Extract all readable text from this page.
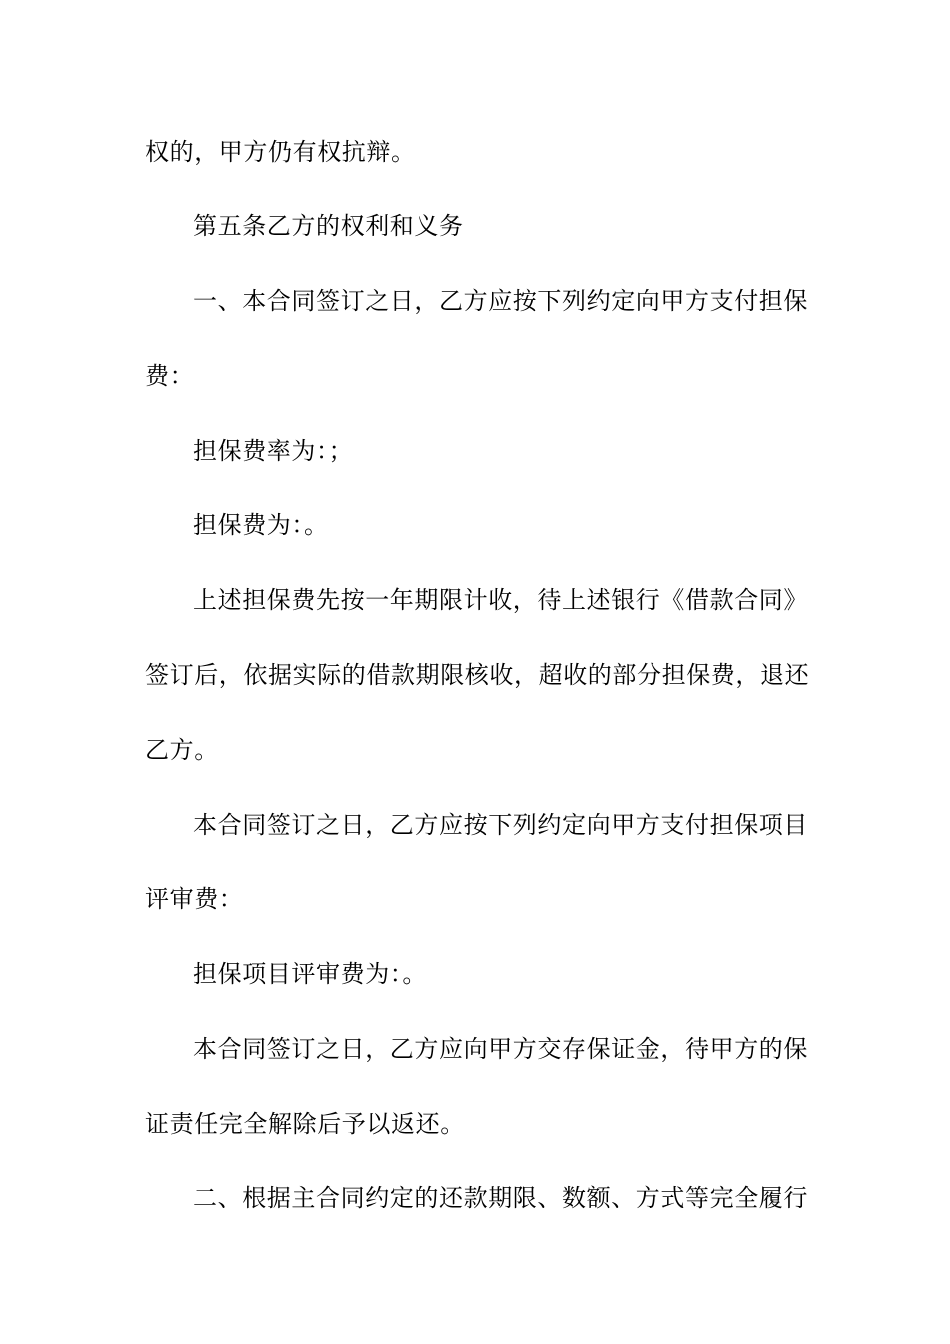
权的，甲方仍有权抗辩。
第五条乙方的权利和义务
一、本合同签订之日，乙方应按下列约定向甲方支付担保
费：
担保费率为：；
担保费为：。
上述担保费先按一年期限计收，待上述银行《借款合同》
签订后，依据实际的借款期限核收，超收的部分担保费，退还
乙方。
本合同签订之日，乙方应按下列约定向甲方支付担保项目
评审费：
担保项目评审费为：。
本合同签订之日，乙方应向甲方交存保证金，待甲方的保
证责任完全解除后予以返还。
二、根据主合同约定的还款期限、数额、方式等完全履行
